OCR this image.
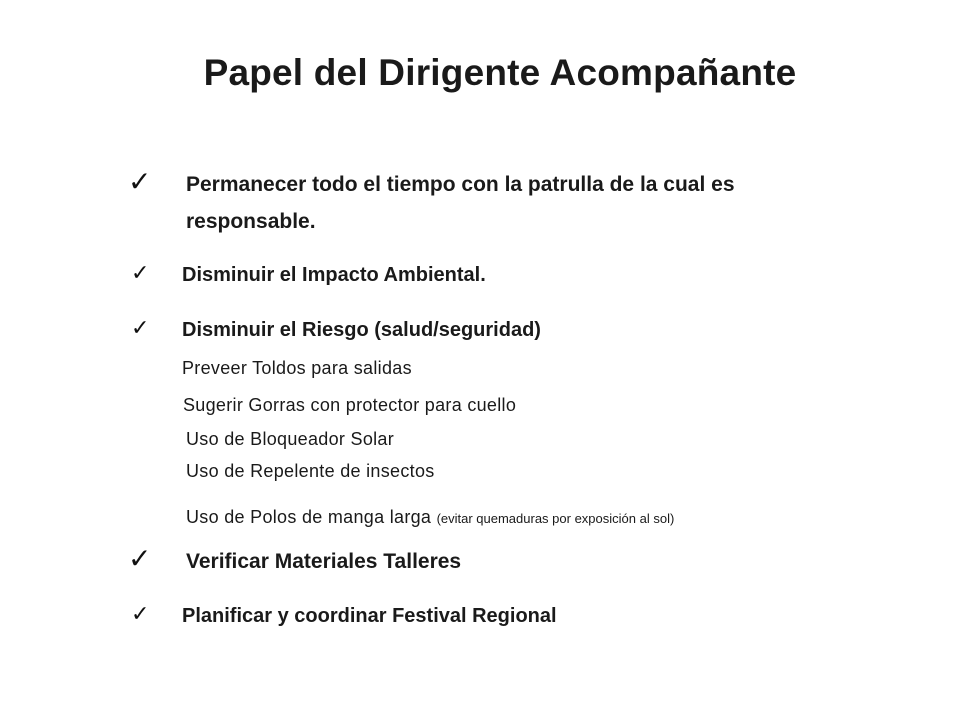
Papel del Dirigente Acompañante
✓ Permanecer todo el tiempo con la patrulla de la cual es
responsable.
✓ Disminuir el Impacto Ambiental.
✓ Disminuir el Riesgo (salud/seguridad)
Preveer Toldos para salidas
Sugerir Gorras con protector para cuello
Uso de Bloqueador Solar
Uso de Repelente de insectos
Uso de Polos de manga larga (evitar quemaduras por exposición al sol)
✓ Verificar Materiales Talleres
✓ Planificar y coordinar Festival Regional
